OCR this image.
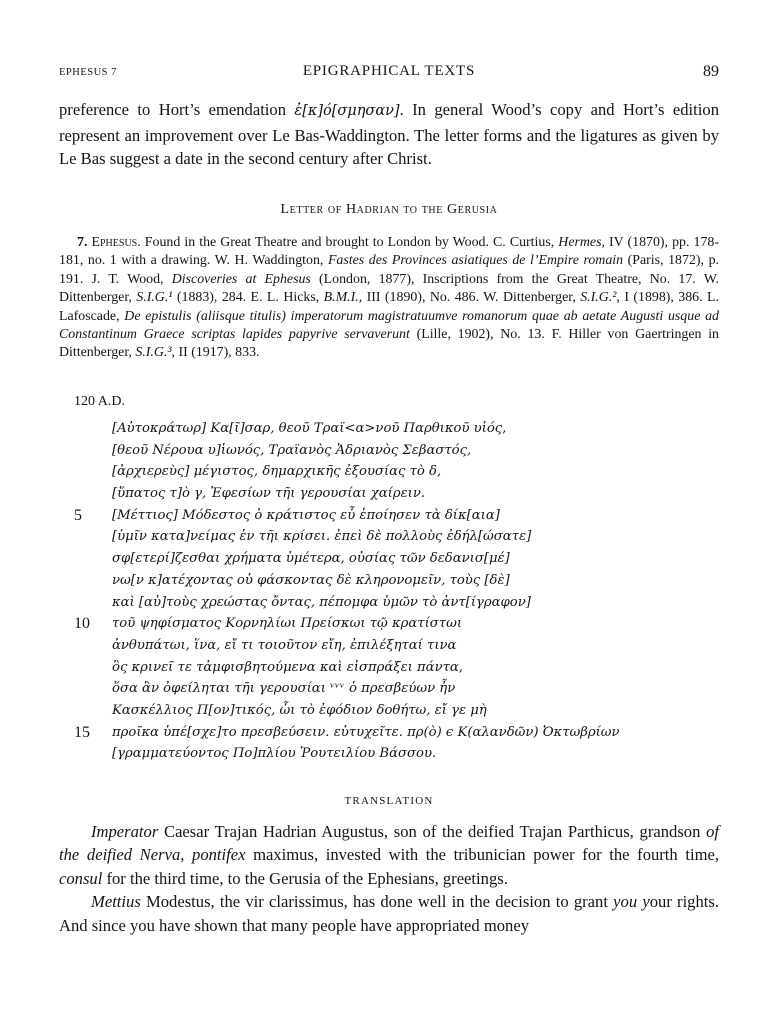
EPHESUS 7	EPIGRAPHICAL TEXTS	89

preference to Hort’s emendation ἐ[κ]ό[σμησαν]. In general Wood’s copy and Hort’s edition represent an improvement over Le Bas-Waddington. The letter forms and the ligatures as given by Le Bas suggest a date in the second century after Christ.

Letter of Hadrian to the Gerusia

7. Ephesus. Found in the Great Theatre and brought to London by Wood. C. Curtius, Hermes, IV (1870), pp. 178-181, no. 1 with a drawing. W. H. Waddington, Fastes des Provinces asiatiques de l’Empire romain (Paris, 1872), p. 191. J. T. Wood, Discoveries at Ephesus (London, 1877), Inscriptions from the Great Theatre, No. 17. W. Dittenberger, S.I.G.¹ (1883), 284. E. L. Hicks, B.M.I., III (1890), No. 486. W. Dittenberger, S.I.G.², I (1898), 386. L. Lafoscade, De epistulis (aliisque titulis) imperatorum magistratuumve romanorum quae ab aetate Augusti usque ad Constantinum Graece scriptas lapides papyrive servaverunt (Lille, 1902), No. 13. F. Hiller von Gaertringen in Dittenberger, S.I.G.³, II (1917), 833.

120 A.D.
[Αὐτοκράτωρ] Κα[ῖ]σαρ, θεοῦ Τραϊ<α>νοῦ Παρθικοῦ υἱός,
[θεοῦ Νέρουα υ]ἱωνός, Τραϊανὸς Ἁδριανὸς Σεβαστός,
[ἀρχιερεὺς] μέγιστος, δημαρχικῆς ἐξουσίας τὸ δ,
[ὕπατος τ]ὸ γ, Ἐφεσίων τῆι γερουσίαι χαίρειν.
5	[Μέττιος] Μόδεστος ὁ κράτιστος εὖ ἐποίησεν τὰ δίκ[αια]
[ὑμῖν κατα]νείμας ἐν τῆι κρίσει. ἐπεὶ δὲ πολλοὺς ἐδήλ[ώσατε]
σφ[ετερί]ζεσθαι χρήματα ὑμέτερα, οὐσίας τῶν δεδανισ[μέ]
νω[ν κ]ατέχοντας οὐ φάσκοντας δὲ κληρονομεῖν, τοὺς [δὲ]
καὶ [αὐ]τοὺς χρεώστας ὄντας, πέπομφα ὑμῶν τὸ ἀντ[ίγραφον]
10	τοῦ ψηφίσματος Κορνηλίωι Πρείσκωι τῷ κρατίστωι
ἀνθυπάτωι, ἵνα, εἴ τι τοιοῦτον εἴη, ἐπιλέξηταί τινα
ὃς κρινεῖ τε τἀμφισβητούμενα καὶ εἰσπράξει πάντα,
ὅσα ἂν ὀφείληται τῆι γερουσίαι ᵛᵛᵛ ὁ πρεσβεύων ἦν
Κασκέλλιος Π[ον]τικός, ὧι τὸ ἐφόδιον δοθήτω, εἴ γε μὴ
15	προῖκα ὑπέ[σχε]το πρεσβεύσειν. εὐτυχεῖτε. πρ(ὸ) ϵ Κ(αλανδῶν) Ὀκτωβρίων
[γραμματεύοντος Πο]πλίου Ῥουτειλίου Βάσσου.
TRANSLATION

Imperator Caesar Trajan Hadrian Augustus, son of the deified Trajan Parthicus, grandson of the deified Nerva, pontifex maximus, invested with the tribunician power for the fourth time, consul for the third time, to the Gerusia of the Ephesians, greetings.

Mettius Modestus, the vir clarissimus, has done well in the decision to grant you your rights. And since you have shown that many people have appropriated money
